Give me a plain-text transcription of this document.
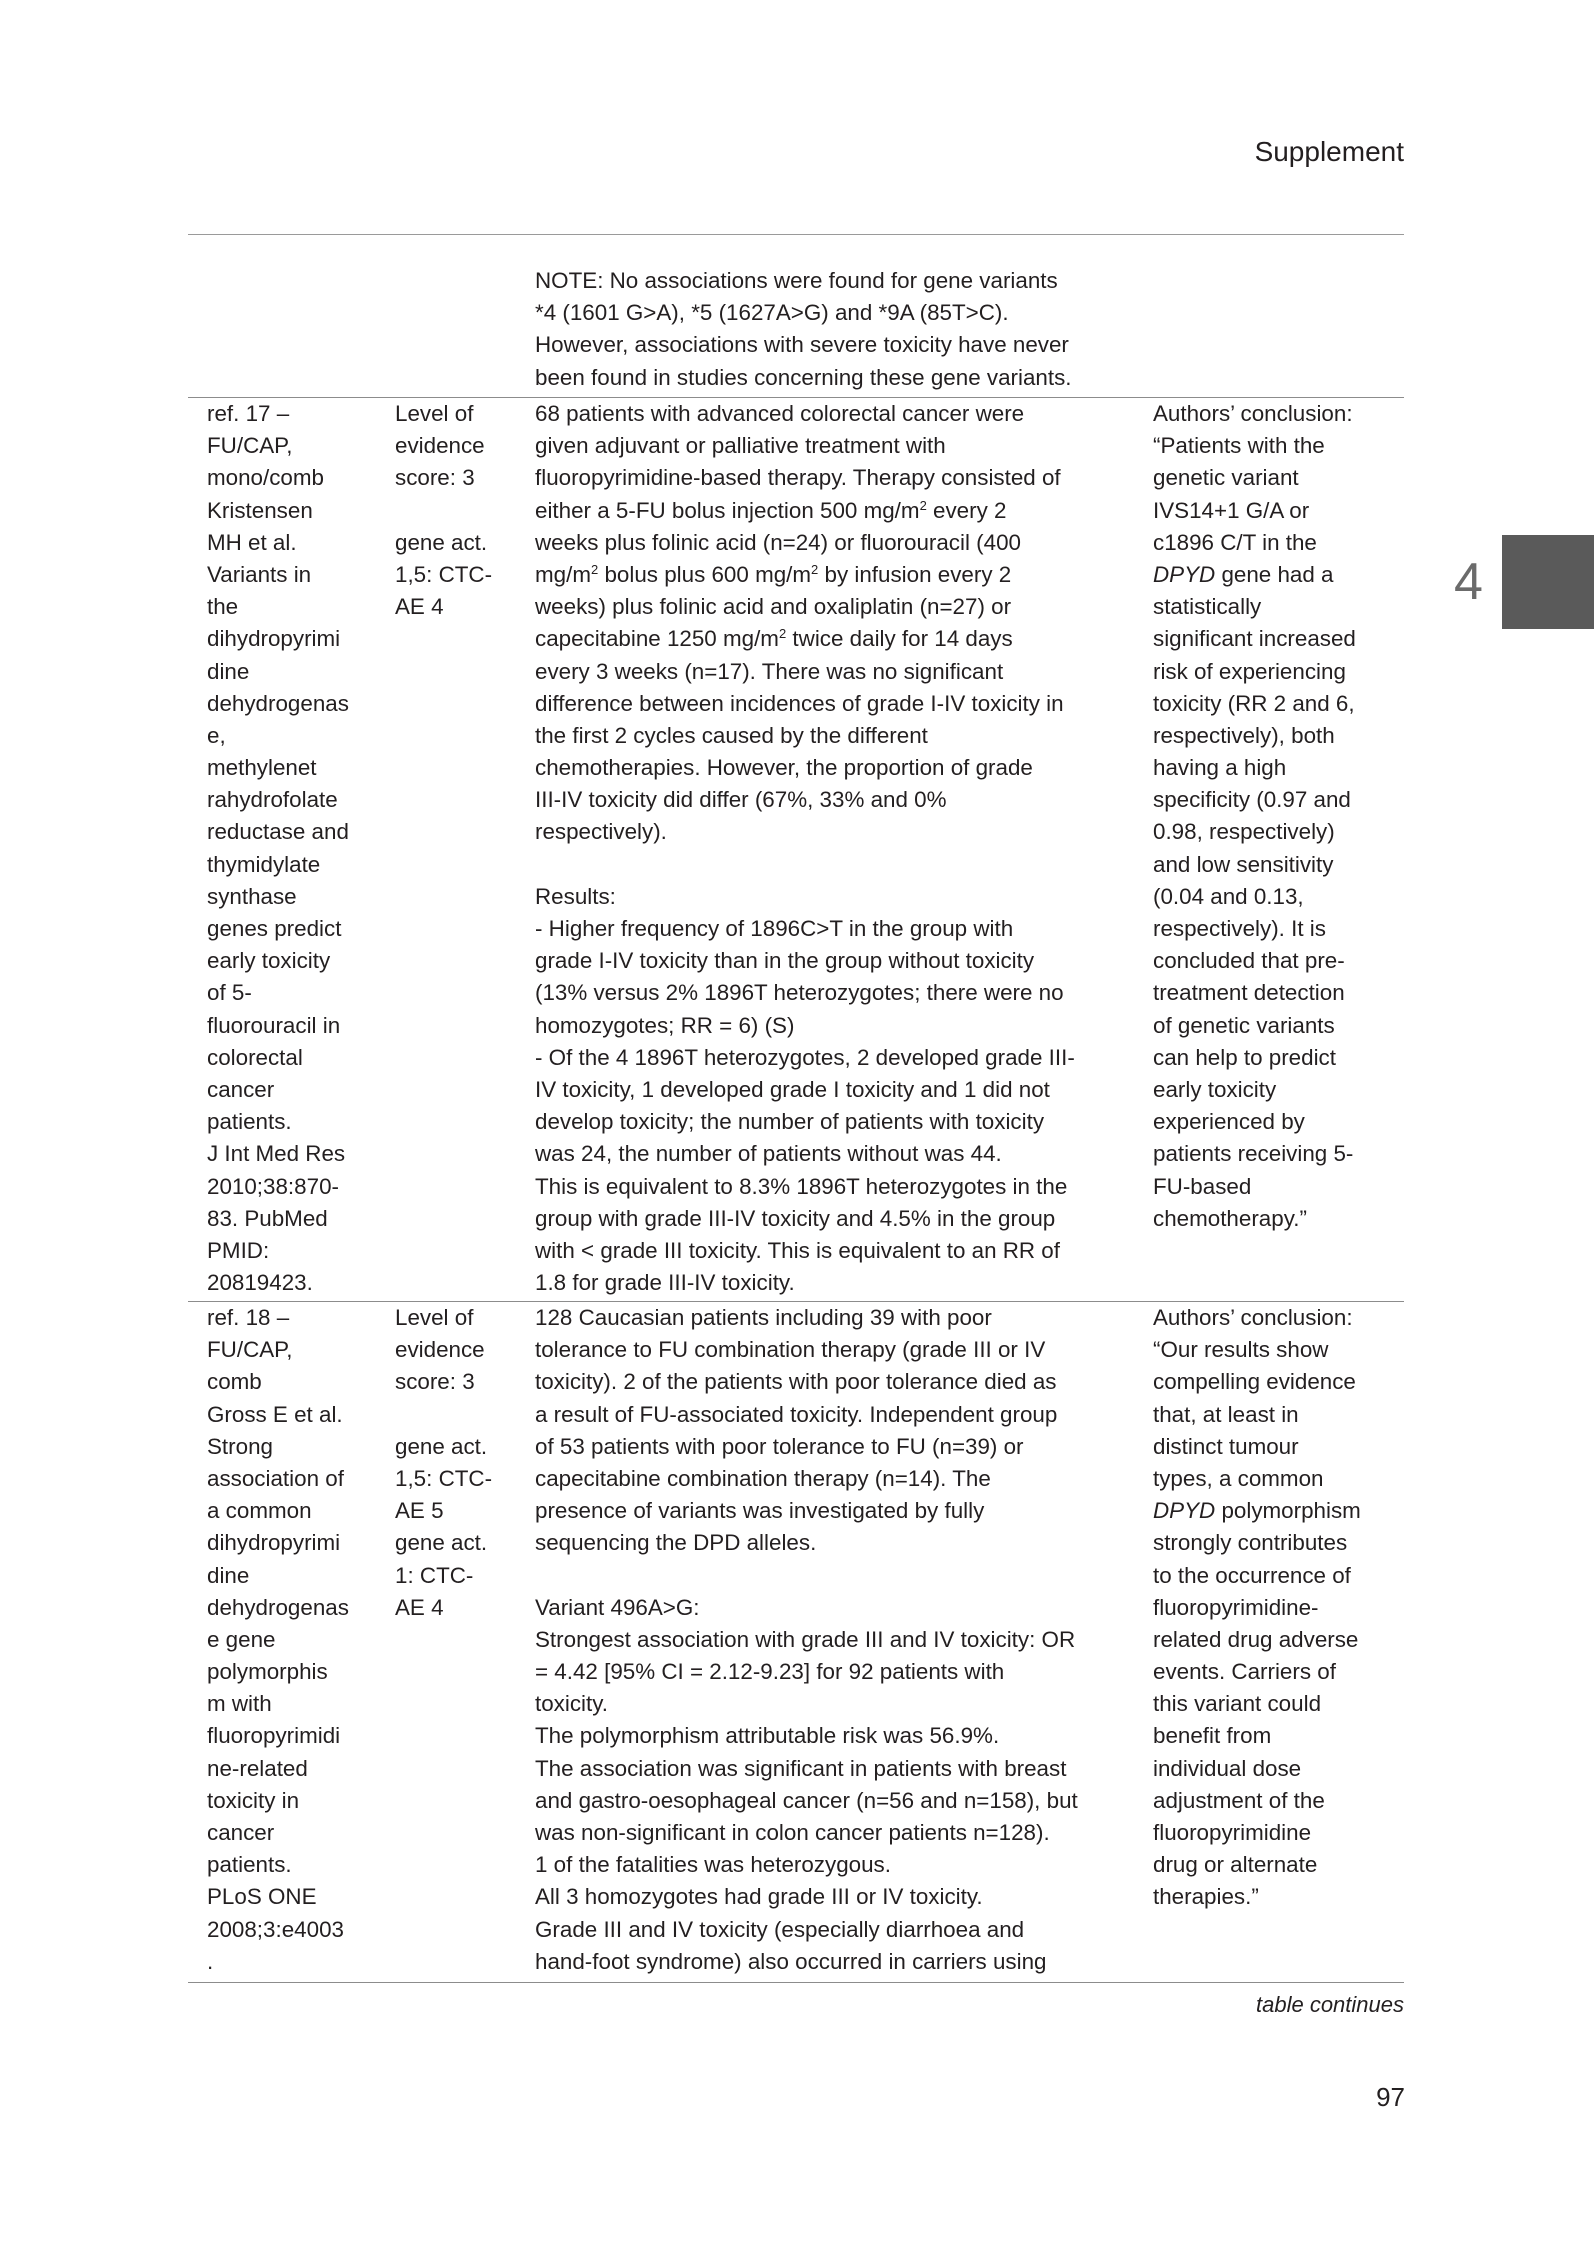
Supplement
4
NOTE: No associations were found for gene variants
*4 (1601 G>A), *5 (1627A>G) and *9A (85T>C).
However, associations with severe toxicity have never
been found in studies concerning these gene variants.
ref. 17 –
FU/CAP,
mono/comb
Kristensen
MH et al.
Variants in
the
dihydropyrimi
dine
dehydrogenas
e,
methylenet
rahydrofolate
reductase and
thymidylate
synthase
genes predict
early toxicity
of 5-
fluorouracil in
colorectal
cancer
patients.
J Int Med Res
2010;38:870-
83. PubMed
PMID:
20819423.
Level of
evidence
score: 3
gene act.
1,5: CTC-
AE 4
68 patients with advanced colorectal cancer were
given adjuvant or palliative treatment with
fluoropyrimidine-based therapy. Therapy consisted of
either a 5-FU bolus injection 500 $mg/m^2$ every 2
weeks plus folinic acid (n=24) or fluorouracil (400
$mg/m^2$ bolus plus 600 $mg/m^2$ by infusion every 2
weeks) plus folinic acid and oxaliplatin (n=27) or
capecitabine 1250 $mg/m^2$ twice daily for 14 days
every 3 weeks (n=17). There was no significant
difference between incidences of grade I-IV toxicity in
the first 2 cycles caused by the different
chemotherapies. However, the proportion of grade
III-IV toxicity did differ (67%, 33% and 0%
respectively).
Results:
- Higher frequency of 1896C>T in the group with
grade I-IV toxicity than in the group without toxicity
(13% versus 2% 1896T heterozygotes; there were no
homozygotes; RR = 6) (S)
- Of the 4 1896T heterozygotes, 2 developed grade III-
IV toxicity, 1 developed grade I toxicity and 1 did not
develop toxicity; the number of patients with toxicity
was 24, the number of patients without was 44.
This is equivalent to 8.3% 1896T heterozygotes in the
group with grade III-IV toxicity and 4.5% in the group
with < grade III toxicity. This is equivalent to an RR of
1.8 for grade III-IV toxicity.
Authors’ conclusion:
“Patients with the
genetic variant
IVS14+1 G/A or
c1896 C/T in the
DPYD gene had a
statistically
significant increased
risk of experiencing
toxicity (RR 2 and 6,
respectively), both
having a high
specificity (0.97 and
0.98, respectively)
and low sensitivity
(0.04 and 0.13,
respectively). It is
concluded that pre-
treatment detection
of genetic variants
can help to predict
early toxicity
experienced by
patients receiving 5-
FU-based
chemotherapy.”
ref. 18 –
FU/CAP,
comb
Gross E et al.
Strong
association of
a common
dihydropyrimi
dine
dehydrogenas
e gene
polymorphis
m with
fluoropyrimidi
ne-related
toxicity in
cancer
patients.
PLoS ONE
2008;3:e4003
.
Level of
evidence
score: 3
gene act.
1,5: CTC-
AE 5
gene act.
1: CTC-
AE 4
128 Caucasian patients including 39 with poor
tolerance to FU combination therapy (grade III or IV
toxicity). 2 of the patients with poor tolerance died as
a result of FU-associated toxicity. Independent group
of 53 patients with poor tolerance to FU (n=39) or
capecitabine combination therapy (n=14). The
presence of variants was investigated by fully
sequencing the DPD alleles.
Variant 496A>G:
Strongest association with grade III and IV toxicity: OR
= 4.42 [95% CI = 2.12-9.23] for 92 patients with
toxicity.
The polymorphism attributable risk was 56.9%.
The association was significant in patients with breast
and gastro-oesophageal cancer (n=56 and n=158), but
was non-significant in colon cancer patients n=128).
1 of the fatalities was heterozygous.
All 3 homozygotes had grade III or IV toxicity.
Grade III and IV toxicity (especially diarrhoea and
hand-foot syndrome) also occurred in carriers using
Authors’ conclusion:
“Our results show
compelling evidence
that, at least in
distinct tumour
types, a common
DPYD polymorphism
strongly contributes
to the occurrence of
fluoropyrimidine-
related drug adverse
events. Carriers of
this variant could
benefit from
individual dose
adjustment of the
fluoropyrimidine
drug or alternate
therapies.”
table continues
97
